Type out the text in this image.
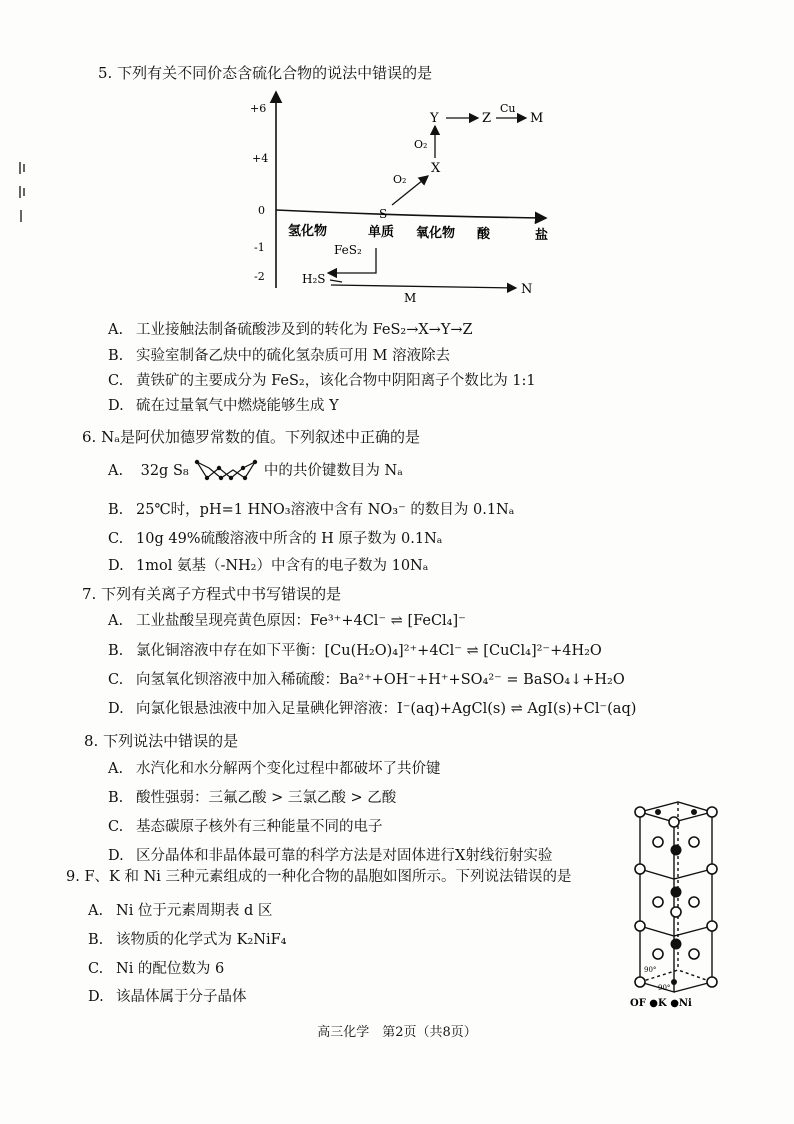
5. 下列有关不同价态含硫化合物的说法中错误的是
+6
+4
0
-1
-2
氢化物	单质 氧化物 酸	盐
S
O₂
X
O₂
Y	Z
Cu
M
FeS₂
H₂S
M
N
A. 工业接触法制备硫酸涉及到的转化为 FeS₂→X→Y→Z
B. 实验室制备乙炔中的硫化氢杂质可用 M 溶液除去
C. 黄铁矿的主要成分为 FeS₂，该化合物中阴阳离子个数比为 1:1
D. 硫在过量氧气中燃烧能够生成 Y
6. Nₐ是阿伏加德罗常数的值。下列叙述中正确的是
A. 32g S₈	中的共价键数目为 Nₐ
B. 25℃时，pH=1 HNO₃溶液中含有 NO₃⁻ 的数目为 0.1Nₐ
C. 10g 49%硫酸溶液中所含的 H 原子数为 0.1Nₐ
D. 1mol 氨基（-NH₂）中含有的电子数为 10Nₐ
7. 下列有关离子方程式中书写错误的是
A. 工业盐酸呈现亮黄色原因：Fe³⁺+4Cl⁻ ⇌ [FeCl₄]⁻
B. 氯化铜溶液中存在如下平衡：[Cu(H₂O)₄]²⁺+4Cl⁻ ⇌ [CuCl₄]²⁻+4H₂O
C. 向氢氧化钡溶液中加入稀硫酸：Ba²⁺+OH⁻+H⁺+SO₄²⁻ = BaSO₄↓+H₂O
D. 向氯化银悬浊液中加入足量碘化钾溶液：I⁻(aq)+AgCl(s) ⇌ AgI(s)+Cl⁻(aq)
8. 下列说法中错误的是
A. 水汽化和水分解两个变化过程中都破坏了共价键
B. 酸性强弱：三氟乙酸 > 三氯乙酸 > 乙酸
C. 基态碳原子核外有三种能量不同的电子
D. 区分晶体和非晶体最可靠的科学方法是对固体进行X射线衍射实验
9. F、K 和 Ni 三种元素组成的一种化合物的晶胞如图所示。下列说法错误的是
A. Ni 位于元素周期表 d 区
B. 该物质的化学式为 K₂NiF₄
C. Ni 的配位数为 6
D. 该晶体属于分子晶体
90°
90°
OF ●K ●Ni
高三化学　第2页（共8页）
